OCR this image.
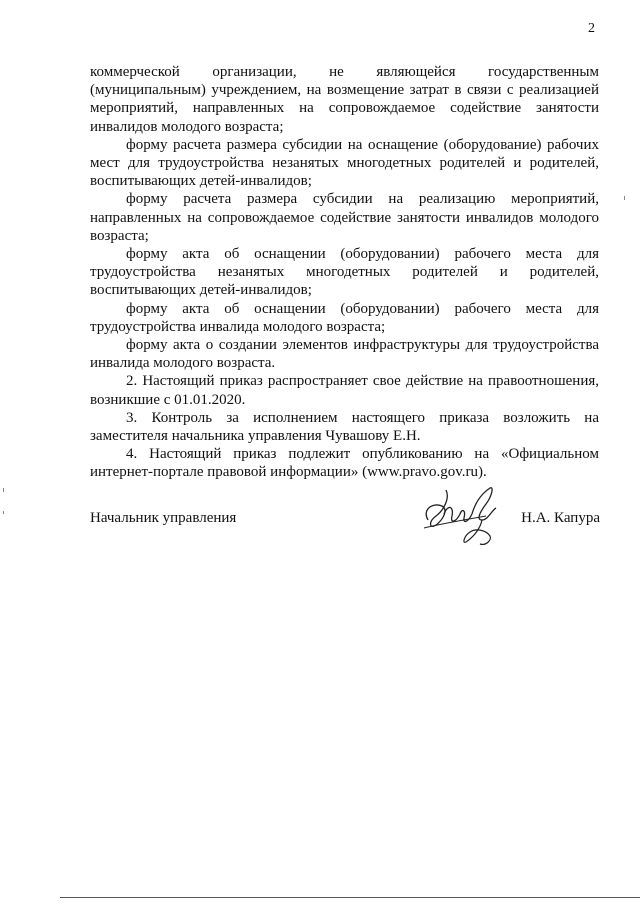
2

коммерческой организации, не являющейся государственным (муниципальным) учреждением, на возмещение затрат в связи с реализацией мероприятий, направленных на сопровождаемое содействие занятости инвалидов молодого возраста;

форму расчета размера субсидии на оснащение (оборудование) рабочих мест для трудоустройства незанятых многодетных родителей и родителей, воспитывающих детей-инвалидов;

форму расчета размера субсидии на реализацию мероприятий, направленных на сопровождаемое содействие занятости инвалидов молодого возраста;

форму акта об оснащении (оборудовании) рабочего места для трудоустройства незанятых многодетных родителей и родителей, воспитывающих детей-инвалидов;

форму акта об оснащении (оборудовании) рабочего места для трудоустройства инвалида молодого возраста;

форму акта о создании элементов инфраструктуры для трудоустройства инвалида молодого возраста.

2. Настоящий приказ распространяет свое действие на правоотношения, возникшие с 01.01.2020.

3. Контроль за исполнением настоящего приказа возложить на заместителя начальника управления Чувашову Е.Н.

4. Настоящий приказ подлежит опубликованию на «Официальном интернет-портале правовой информации» (www.pravo.gov.ru).

Начальник управления	Н.А. Капура
